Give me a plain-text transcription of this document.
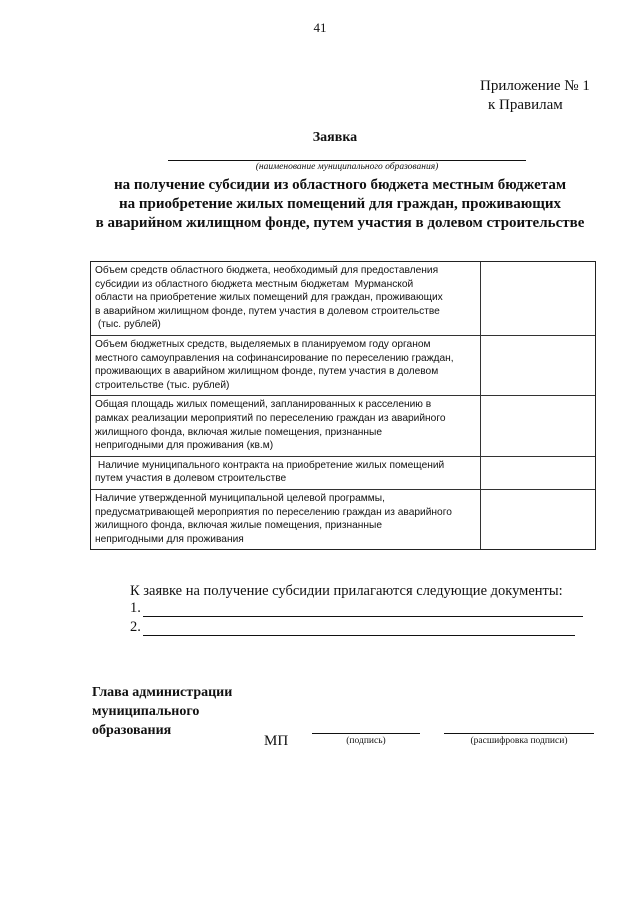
41
Приложение № 1
к Правилам
Заявка
(наименование муниципального образования)
на получение субсидии из областного бюджета местным бюджетам
на приобретение жилых помещений для граждан, проживающих
в аварийном жилищном фонде, путем участия в долевом строительстве
Объем средств областного бюджета, необходимый для предоставления
субсидии из областного бюджета местным бюджетам  Мурманской
области на приобретение жилых помещений для граждан, проживающих
в аварийном жилищном фонде, путем участия в долевом строительстве
(тыс. рублей)
Объем бюджетных средств, выделяемых в планируемом году органом
местного самоуправления на софинансирование по переселению граждан,
проживающих в аварийном жилищном фонде, путем участия в долевом
строительстве (тыс. рублей)
Общая площадь жилых помещений, запланированных к расселению в
рамках реализации мероприятий по переселению граждан из аварийного
жилищного фонда, включая жилые помещения, признанные
непригодными для проживания (кв.м)
Наличие муниципального контракта на приобретение жилых помещений
путем участия в долевом строительстве
Наличие утвержденной муниципальной целевой программы,
предусматривающей мероприятия по переселению граждан из аварийного
жилищного фонда, включая жилые помещения, признанные
непригодными для проживания
К заявке на получение субсидии прилагаются следующие документы:
1.
2.
Глава администрации
муниципального
образования
МП	(подпись)	(расшифровка подписи)
